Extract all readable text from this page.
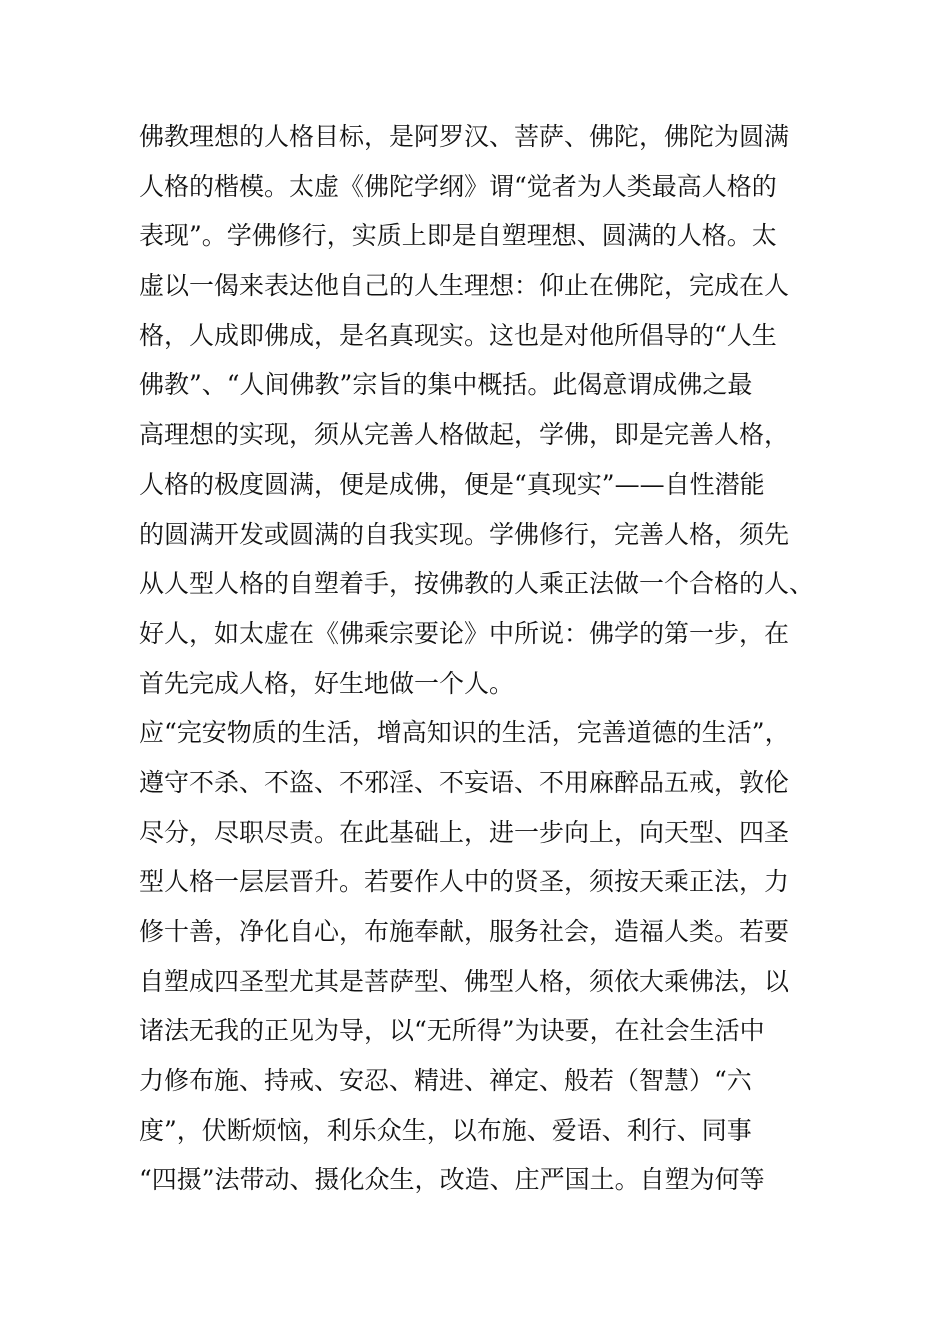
佛教理想的人格目标，是阿罗汉、菩萨、佛陀，佛陀为圆满
人格的楷模。太虚《佛陀学纲》谓“觉者为人类最高人格的
表现”。学佛修行，实质上即是自塑理想、圆满的人格。太
虚以一偈来表达他自己的人生理想：仰止在佛陀，完成在人
格，人成即佛成，是名真现实。这也是对他所倡导的“人生
佛教”、“人间佛教”宗旨的集中概括。此偈意谓成佛之最
高理想的实现，须从完善人格做起，学佛，即是完善人格，
人格的极度圆满，便是成佛，便是“真现实”——自性潜能
的圆满开发或圆满的自我实现。学佛修行，完善人格，须先
从人型人格的自塑着手，按佛教的人乘正法做一个合格的人、
好人，如太虚在《佛乘宗要论》中所说：佛学的第一步，在
首先完成人格，好生地做一个人。
应“完安物质的生活，增高知识的生活，完善道德的生活”，
遵守不杀、不盗、不邪淫、不妄语、不用麻醉品五戒，敦伦
尽分，尽职尽责。在此基础上，进一步向上，向天型、四圣
型人格一层层晋升。若要作人中的贤圣，须按天乘正法，力
修十善，净化自心，布施奉献，服务社会，造福人类。若要
自塑成四圣型尤其是菩萨型、佛型人格，须依大乘佛法，以
诸法无我的正见为导，以“无所得”为诀要，在社会生活中
力修布施、持戒、安忍、精进、禅定、般若（智慧）“六
度”，伏断烦恼，利乐众生，以布施、爱语、利行、同事
“四摄”法带动、摄化众生，改造、庄严国土。自塑为何等
